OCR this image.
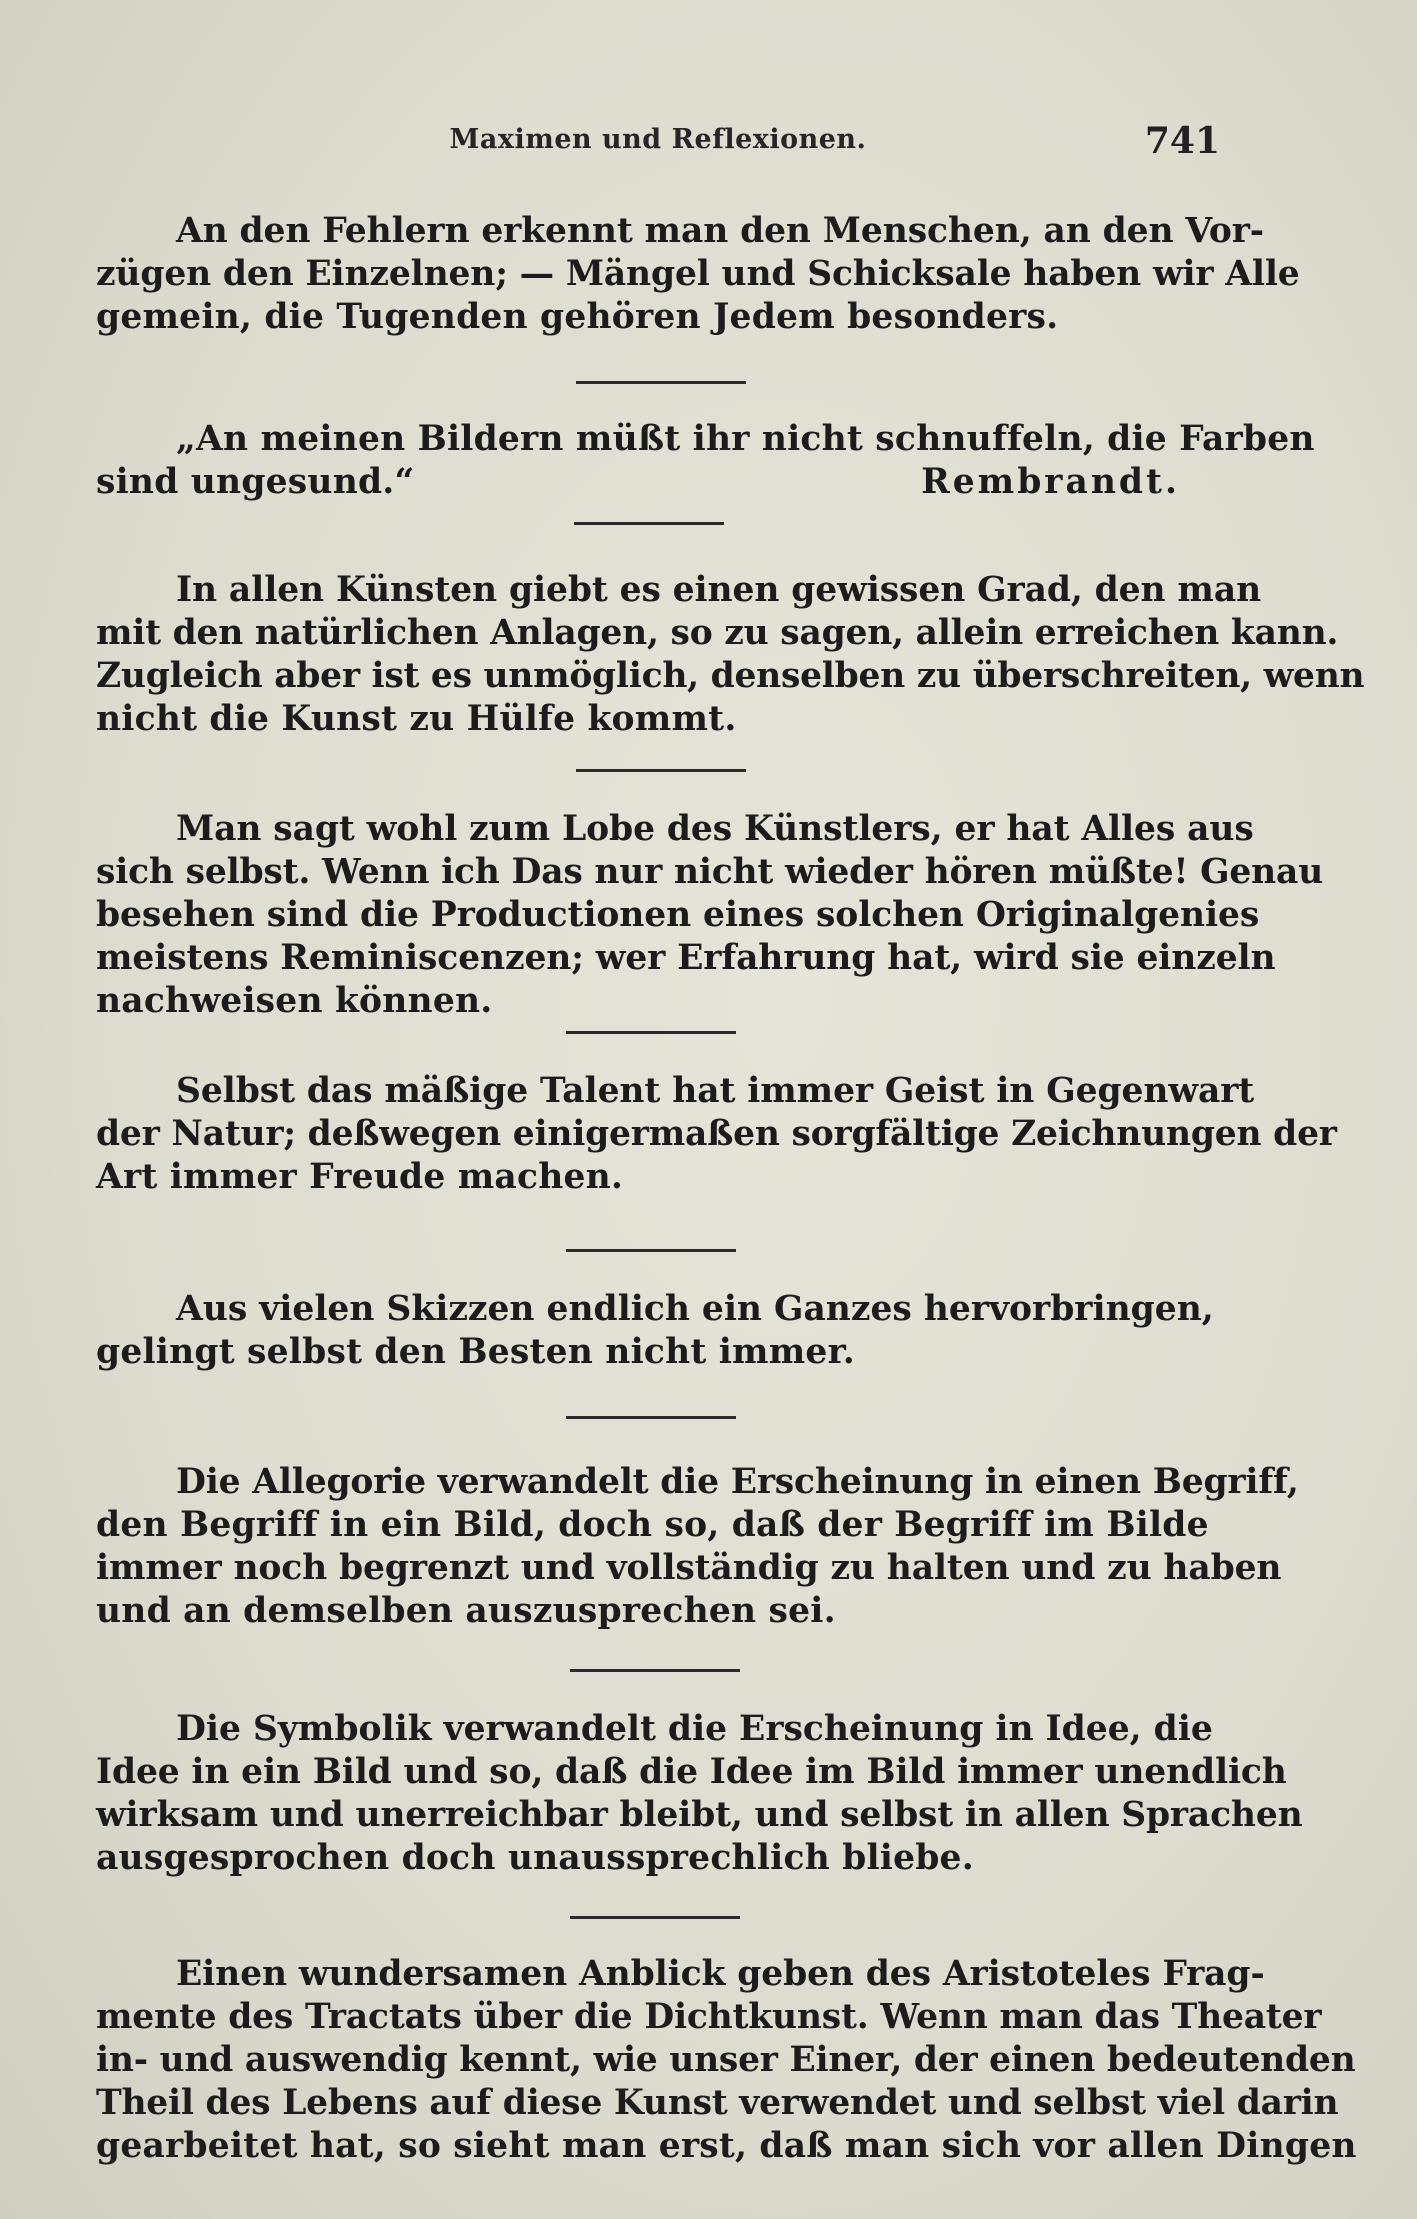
Maximen und Reflexionen.	741
An den Fehlern erkennt man den Menschen, an den Vor-
zügen den Einzelnen; — Mängel und Schicksale haben wir Alle
gemein, die Tugenden gehören Jedem besonders.
„An meinen Bildern müßt ihr nicht schnuffeln, die Farben
sind ungesund.“	Rembrandt.
In allen Künsten giebt es einen gewissen Grad, den man
mit den natürlichen Anlagen, so zu sagen, allein erreichen kann.
Zugleich aber ist es unmöglich, denselben zu überschreiten, wenn
nicht die Kunst zu Hülfe kommt.
Man sagt wohl zum Lobe des Künstlers, er hat Alles aus
sich selbst. Wenn ich Das nur nicht wieder hören müßte! Genau
besehen sind die Productionen eines solchen Originalgenies
meistens Reminiscenzen; wer Erfahrung hat, wird sie einzeln
nachweisen können.
Selbst das mäßige Talent hat immer Geist in Gegenwart
der Natur; deßwegen einigermaßen sorgfältige Zeichnungen der
Art immer Freude machen.
Aus vielen Skizzen endlich ein Ganzes hervorbringen,
gelingt selbst den Besten nicht immer.
Die Allegorie verwandelt die Erscheinung in einen Begriff,
den Begriff in ein Bild, doch so, daß der Begriff im Bilde
immer noch begrenzt und vollständig zu halten und zu haben
und an demselben auszusprechen sei.
Die Symbolik verwandelt die Erscheinung in Idee, die
Idee in ein Bild und so, daß die Idee im Bild immer unendlich
wirksam und unerreichbar bleibt, und selbst in allen Sprachen
ausgesprochen doch unaussprechlich bliebe.
Einen wundersamen Anblick geben des Aristoteles Frag-
mente des Tractats über die Dichtkunst. Wenn man das Theater
in- und auswendig kennt, wie unser Einer, der einen bedeutenden
Theil des Lebens auf diese Kunst verwendet und selbst viel darin
gearbeitet hat, so sieht man erst, daß man sich vor allen Dingen
